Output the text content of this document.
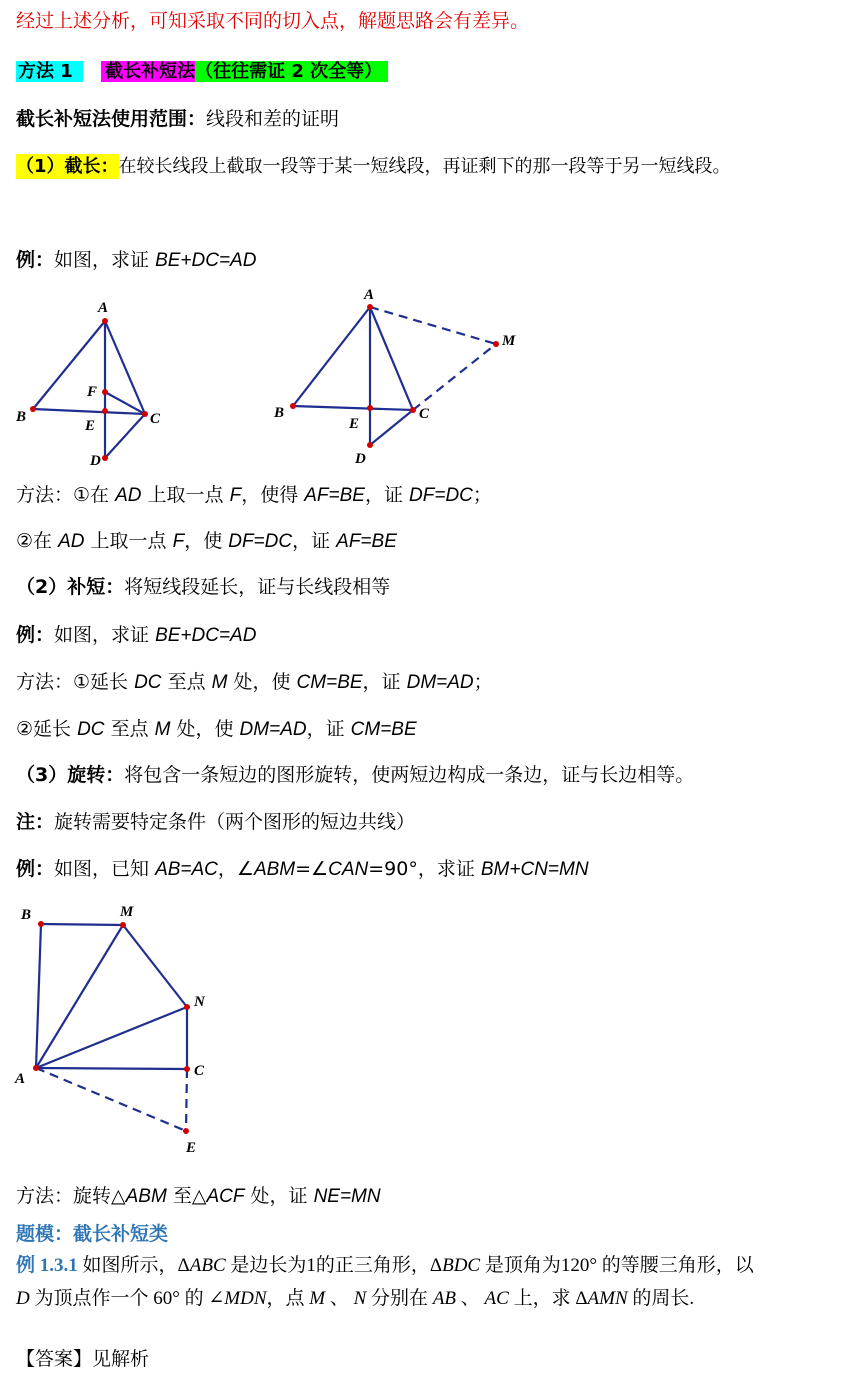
经过上述分析，可知采取不同的切入点，解题思路会有差异。
方法 1 截长补短法（往往需证 2 次全等）
截长补短法使用范围：线段和差的证明
（1）截长：在较长线段上截取一段等于某一短线段，再证剩下的那一段等于另一短线段。
例：如图，求证 BE+DC=AD
A
B	C
F
E
D
A
M
B	C
E
D
方法：①在 AD 上取一点 F，使得 AF=BE，证 DF=DC；
②在 AD 上取一点 F，使 DF=DC，证 AF=BE
（2）补短：将短线段延长，证与长线段相等
例：如图，求证 BE+DC=AD
方法：①延长 DC 至点 M 处，使 CM=BE，证 DM=AD；
②延长 DC 至点 M 处，使 DM=AD，证 CM=BE
（3）旋转：将包含一条短边的图形旋转，使两短边构成一条边，证与长边相等。
注：旋转需要特定条件（两个图形的短边共线）
例：如图，已知 AB=AC，∠ABM=∠CAN=90°，求证 BM+CN=MN
B	M
N
A	C
E
方法：旋转△ABM 至△ACF 处，证 NE=MN
题模：截长补短类
例 1.3.1 如图所示，ΔABC 是边长为1的正三角形，ΔBDC 是顶角为120° 的等腰三角形，以
D 为顶点作一个 60° 的 ∠MDN，点 M 、 N 分别在 AB 、 AC 上，求 ΔAMN 的周长.
【答案】见解析
